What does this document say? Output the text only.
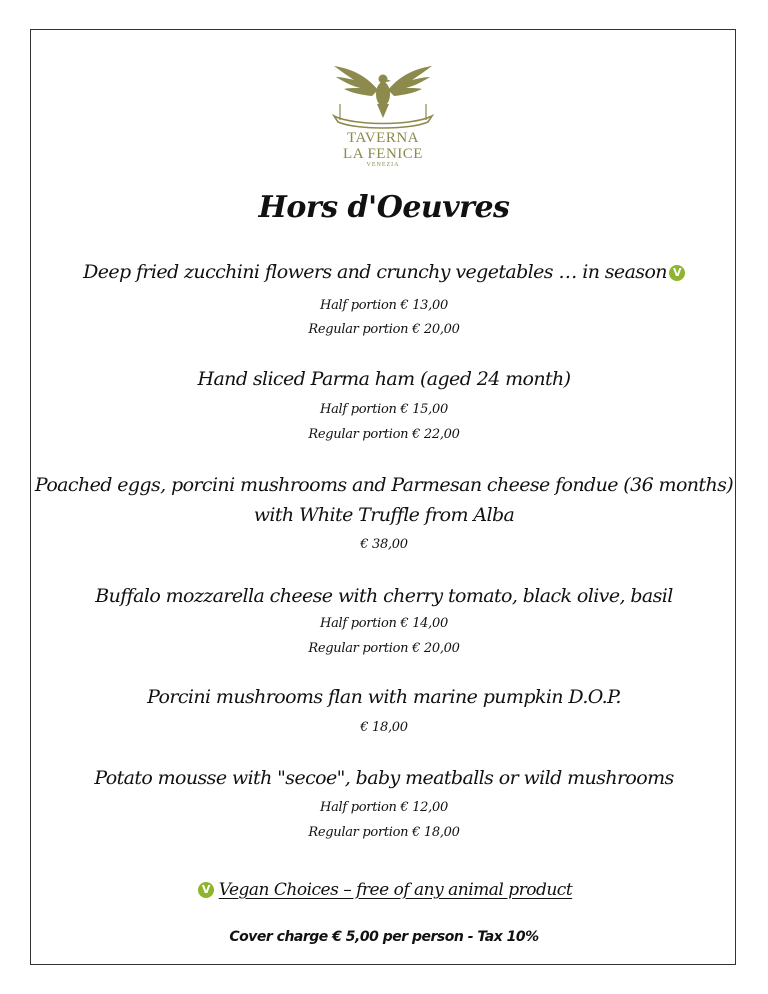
TAVERNA
LA FENICE
VENEZIA
Hors d'Oeuvres
Deep fried zucchini flowers and crunchy vegetables … in season V
Half portion € 13,00
Regular portion € 20,00
Hand sliced Parma ham (aged 24 month)
Half portion € 15,00
Regular portion € 22,00
Poached eggs, porcini mushrooms and Parmesan cheese fondue (36 months)
with White Truffle from Alba
€ 38,00
Buffalo mozzarella cheese with cherry tomato, black olive, basil
Half portion € 14,00
Regular portion € 20,00
Porcini mushrooms flan with marine pumpkin D.O.P.
€ 18,00
Potato mousse with "secoe", baby meatballs or wild mushrooms
Half portion € 12,00
Regular portion € 18,00
V Vegan Choices – free of any animal product
Cover charge € 5,00 per person - Tax 10%
